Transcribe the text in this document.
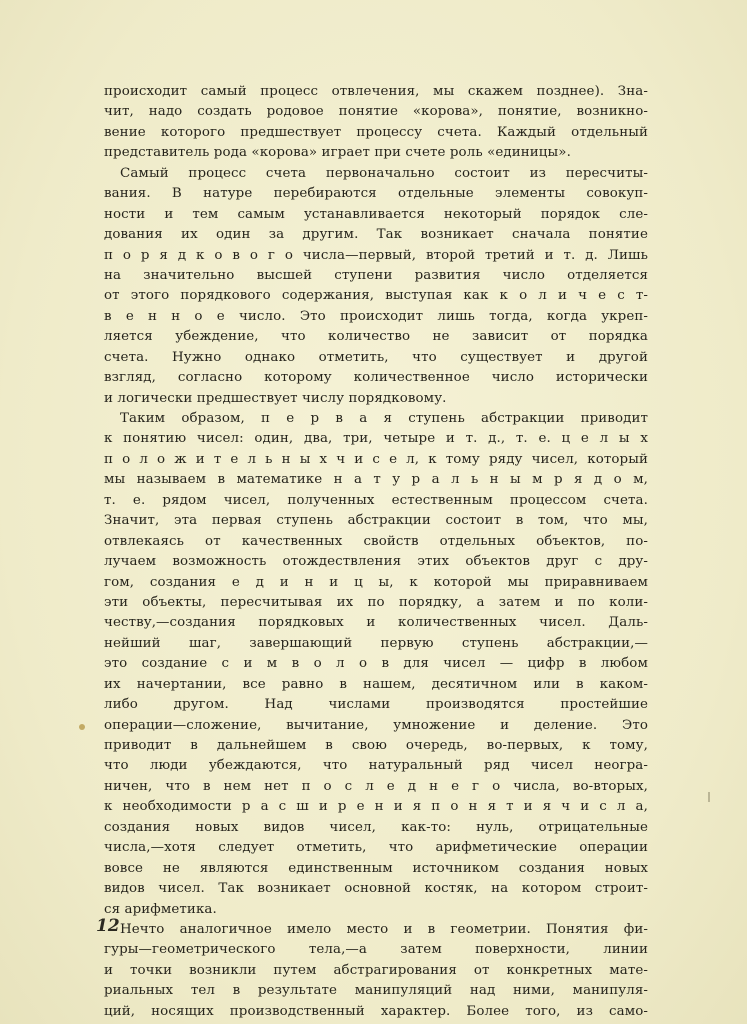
происходит самый процесс отвлечения, мы скажем позднее). Зна-
чит, надо создать родовое понятие «корова», понятие, возникно-
вение которого предшествует процессу счета. Каждый отдельный
представитель рода «корова» играет при счете роль «единицы».
Самый процесс счета первоначально состоит из пересчиты-
вания. В натуре перебираются отдельные элементы совокуп-
ности и тем самым устанавливается некоторый порядок сле-
дования их один за другим. Так возникает сначала понятие
п о р я д к о в о г о числа—первый, второй третий и т. д. Лишь
на значительно высшей ступени развития число отделяется
от этого порядкового содержания, выступая как к о л и ч е с т-
в е н н о е число. Это происходит лишь тогда, когда укреп-
ляется убеждение, что количество не зависит от порядка
счета. Нужно однако отметить, что существует и другой
взгляд, согласно которому количественное число исторически
и логически предшествует числу порядковому.
Таким образом, п е р в а я ступень абстракции приводит
к понятию чисел: один, два, три, четыре и т. д., т. е. ц е л ы х
п о л о ж и т е л ь н ы х ч и с е л, к тому ряду чисел, который
мы называем в математике н а т у р а л ь н ы м р я д о м,
т. е. рядом чисел, полученных естественным процессом счета.
Значит, эта первая ступень абстракции состоит в том, что мы,
отвлекаясь от качественных свойств отдельных объектов, по-
лучаем возможность отождествления этих объектов друг с дру-
гом, создания е д и н и ц ы, к которой мы приравниваем
эти объекты, пересчитывая их по порядку, а затем и по коли-
честву,—создания порядковых и количественных чисел. Даль-
нейший шаг, завершающий первую ступень абстракции,—
это создание с и м в о л о в для чисел — цифр в любом
их начертании, все равно в нашем, десятичном или в каком-
либо другом. Над числами производятся простейшие
операции—сложение, вычитание, умножение и деление. Это
приводит в дальнейшем в свою очередь, во-первых, к тому,
что люди убеждаются, что натуральный ряд чисел неогра-
ничен, что в нем нет п о с л е д н е г о числа, во-вторых,
к необходимости р а с ш и р е н и я п о н я т и я ч и с л а,
создания новых видов чисел, как-то: нуль, отрицательные
числа,—хотя следует отметить, что арифметические операции
вовсе не являются единственным источником создания новых
видов чисел. Так возникает основной костяк, на котором строит-
ся арифметика.
Нечто аналогичное имело место и в геометрии. Понятия фи-
гуры—геометрического тела,—а затем поверхности, линии
и точки возникли путем абстрагирования от конкретных мате-
риальных тел в результате манипуляций над ними, манипуля-
ций, носящих производственный характер. Более того, из само-
12
